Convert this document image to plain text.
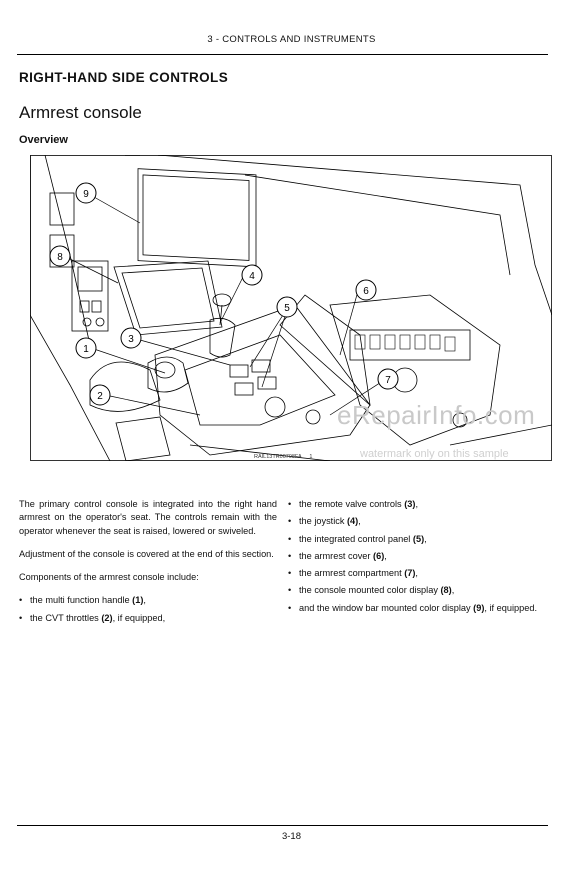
3 - CONTROLS AND INSTRUMENTS
RIGHT-HAND SIDE CONTROLS
Armrest console
Overview
9
8
3
4
5
6
7
1
2
eRepairInfo.com
watermark only on this sample
RAIL13TR00798FA 1

The primary control console is integrated into the right hand armrest on the operator's seat. The controls remain with the operator whenever the seat is raised, lowered or swiveled.

Adjustment of the console is covered at the end of this section.

Components of the armrest console include:

• the multi function handle (1),
• the CVT throttles (2), if equipped,
• the remote valve controls (3),
• the joystick (4),
• the integrated control panel (5),
• the armrest cover (6),
• the armrest compartment (7),
• the console mounted color display (8),
• and the window bar mounted color display (9), if equipped.
3-18
